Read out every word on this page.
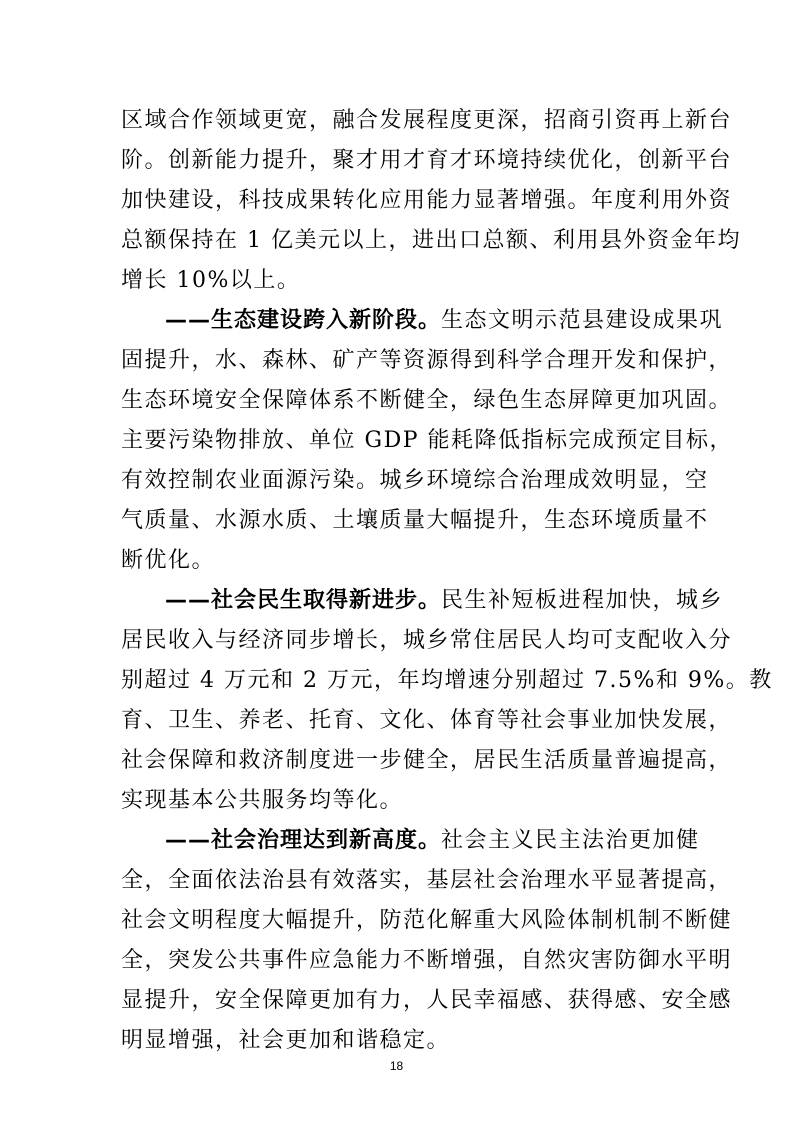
区域合作领域更宽，融合发展程度更深，招商引资再上新台
阶。创新能力提升，聚才用才育才环境持续优化，创新平台
加快建设，科技成果转化应用能力显著增强。年度利用外资
总额保持在 1 亿美元以上，进出口总额、利用县外资金年均
增长 10%以上。
——生态建设跨入新阶段。生态文明示范县建设成果巩
固提升，水、森林、矿产等资源得到科学合理开发和保护，
生态环境安全保障体系不断健全，绿色生态屏障更加巩固。
主要污染物排放、单位 GDP 能耗降低指标完成预定目标，
有效控制农业面源污染。城乡环境综合治理成效明显，空
气质量、水源水质、土壤质量大幅提升，生态环境质量不
断优化。
——社会民生取得新进步。民生补短板进程加快，城乡
居民收入与经济同步增长，城乡常住居民人均可支配收入分
别超过 4 万元和 2 万元，年均增速分别超过 7.5%和 9%。教
育、卫生、养老、托育、文化、体育等社会事业加快发展，
社会保障和救济制度进一步健全，居民生活质量普遍提高，
实现基本公共服务均等化。
——社会治理达到新高度。社会主义民主法治更加健
全，全面依法治县有效落实，基层社会治理水平显著提高，
社会文明程度大幅提升，防范化解重大风险体制机制不断健
全，突发公共事件应急能力不断增强，自然灾害防御水平明
显提升，安全保障更加有力，人民幸福感、获得感、安全感
明显增强，社会更加和谐稳定。
18
